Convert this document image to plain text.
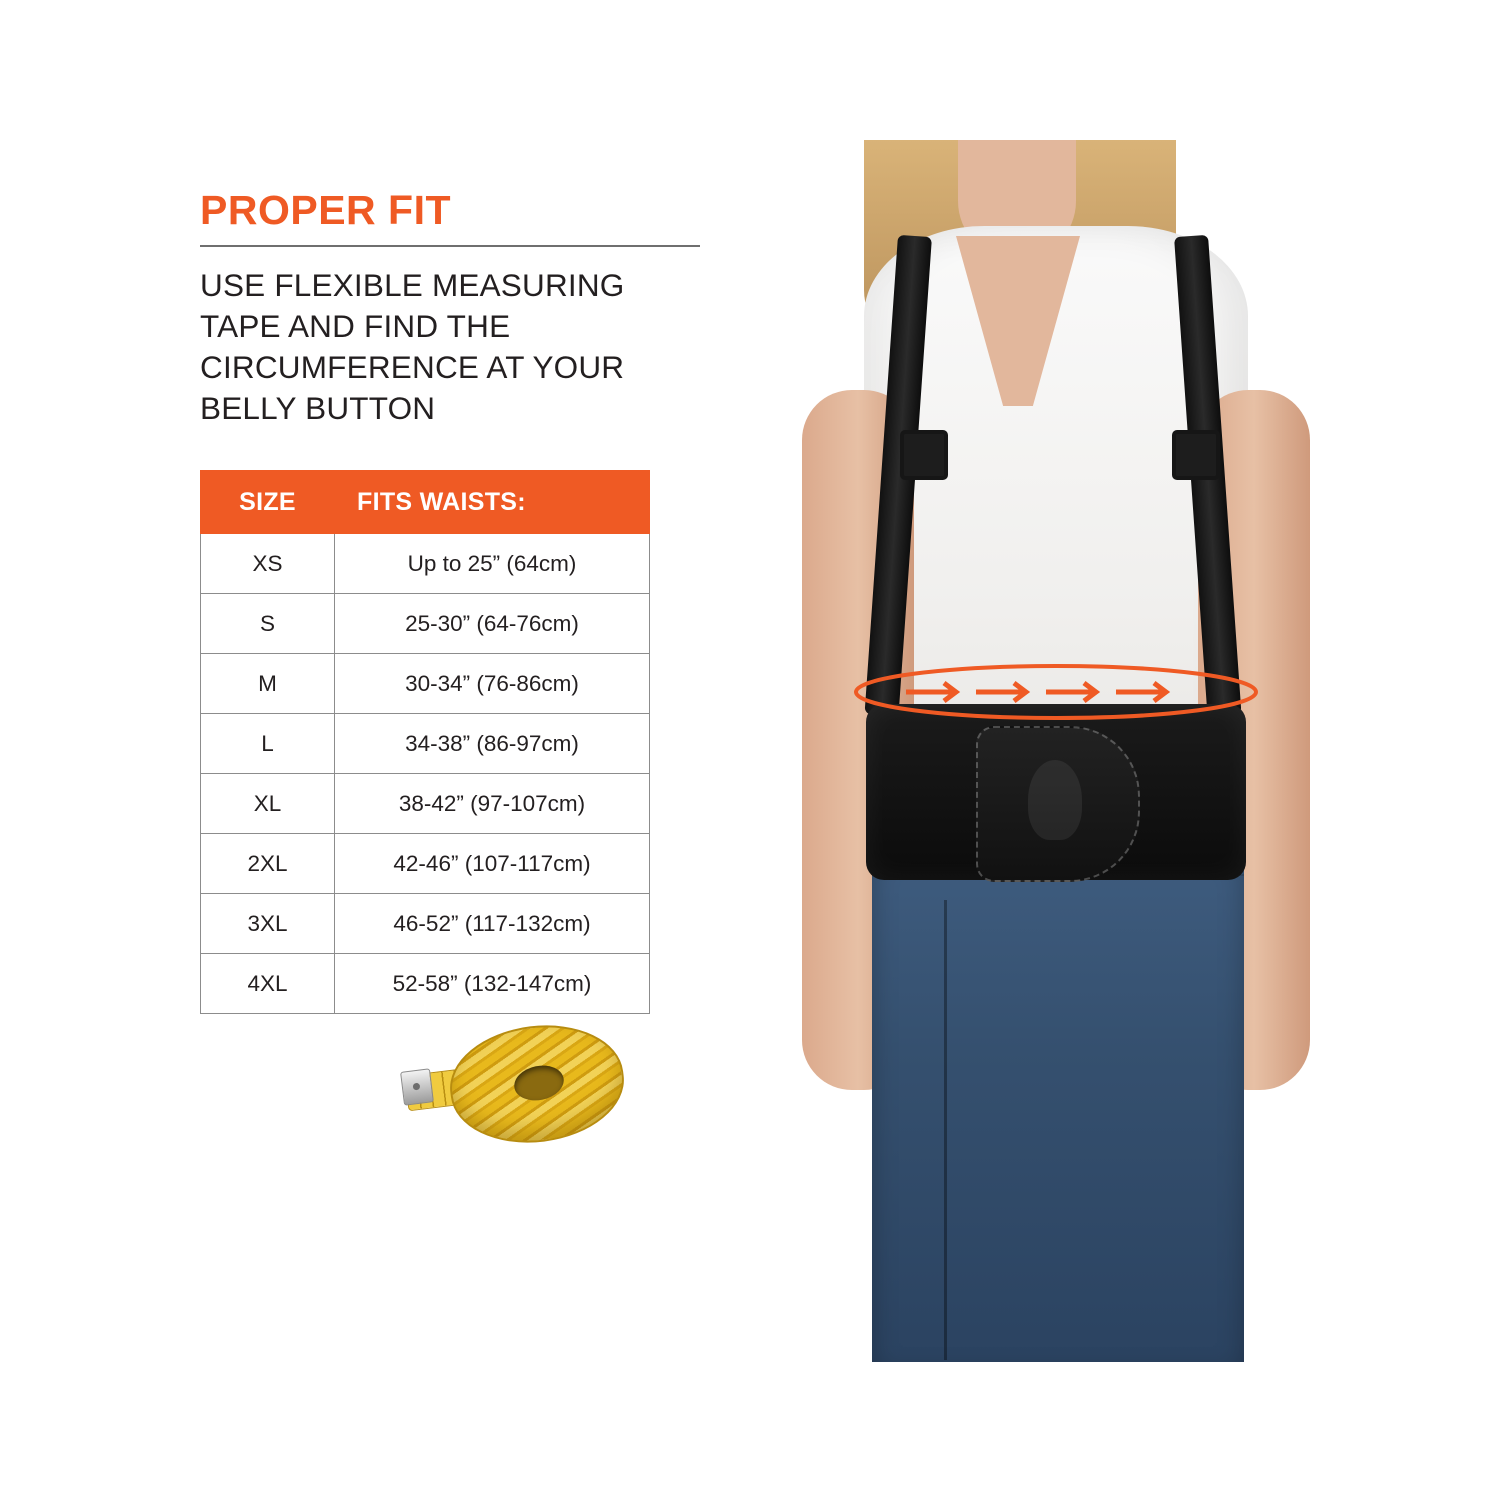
PROPER FIT

USE FLEXIBLE MEASURING TAPE AND FIND THE CIRCUMFERENCE AT YOUR BELLY BUTTON

SIZE	FITS WAISTS:
XS	Up to 25” (64cm)
S	25-30” (64-76cm)
M	30-34” (76-86cm)
L	34-38” (86-97cm)
XL	38-42” (97-107cm)
2XL	42-46” (107-117cm)
3XL	46-52” (117-132cm)
4XL	52-58” (132-147cm)
